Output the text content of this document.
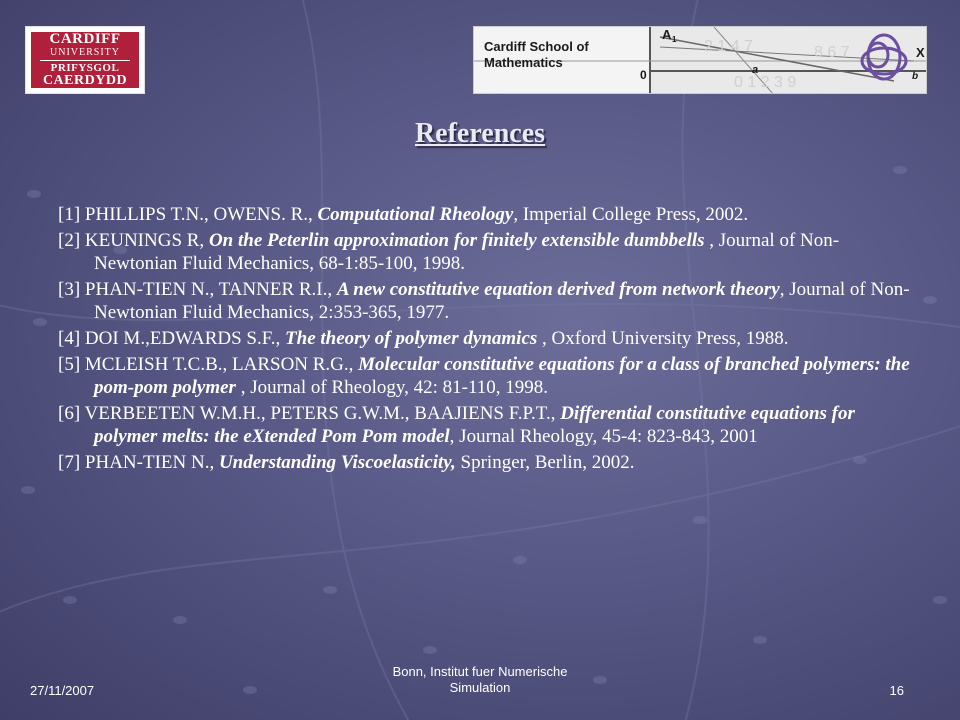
CARDIFF
UNIVERSITY
PRIFYSGOL
CAERDYDD
2 1 4 7
0 1 2 3 9
8 6 7
A 1
0	a
X
b
Cardiff School of
Mathematics
References

[1] PHILLIPS T.N., OWENS. R., Computational Rheology, Imperial College Press, 2002.

[2] KEUNINGS R, On the Peterlin approximation for finitely extensible dumbbells , Journal of Non-Newtonian Fluid Mechanics, 68-1:85-100, 1998.

[3] PHAN-TIEN N., TANNER R.I., A new constitutive equation derived from network theory, Journal of Non-Newtonian Fluid Mechanics, 2:353-365, 1977.

[4] DOI M.,EDWARDS S.F., The theory of polymer dynamics , Oxford University Press, 1988.

[5] MCLEISH T.C.B., LARSON R.G., Molecular constitutive equations for a class of branched polymers: the pom-pom polymer , Journal of Rheology, 42: 81-110, 1998.

[6] VERBEETEN W.M.H., PETERS G.W.M., BAAJIENS F.P.T., Differential constitutive equations for polymer melts: the eXtended Pom Pom model, Journal Rheology, 45-4: 823-843, 2001

[7] PHAN-TIEN N., Understanding Viscoelasticity, Springer, Berlin, 2002.

27/11/2007
Bonn, Institut fuer Numerische
Simulation	16
